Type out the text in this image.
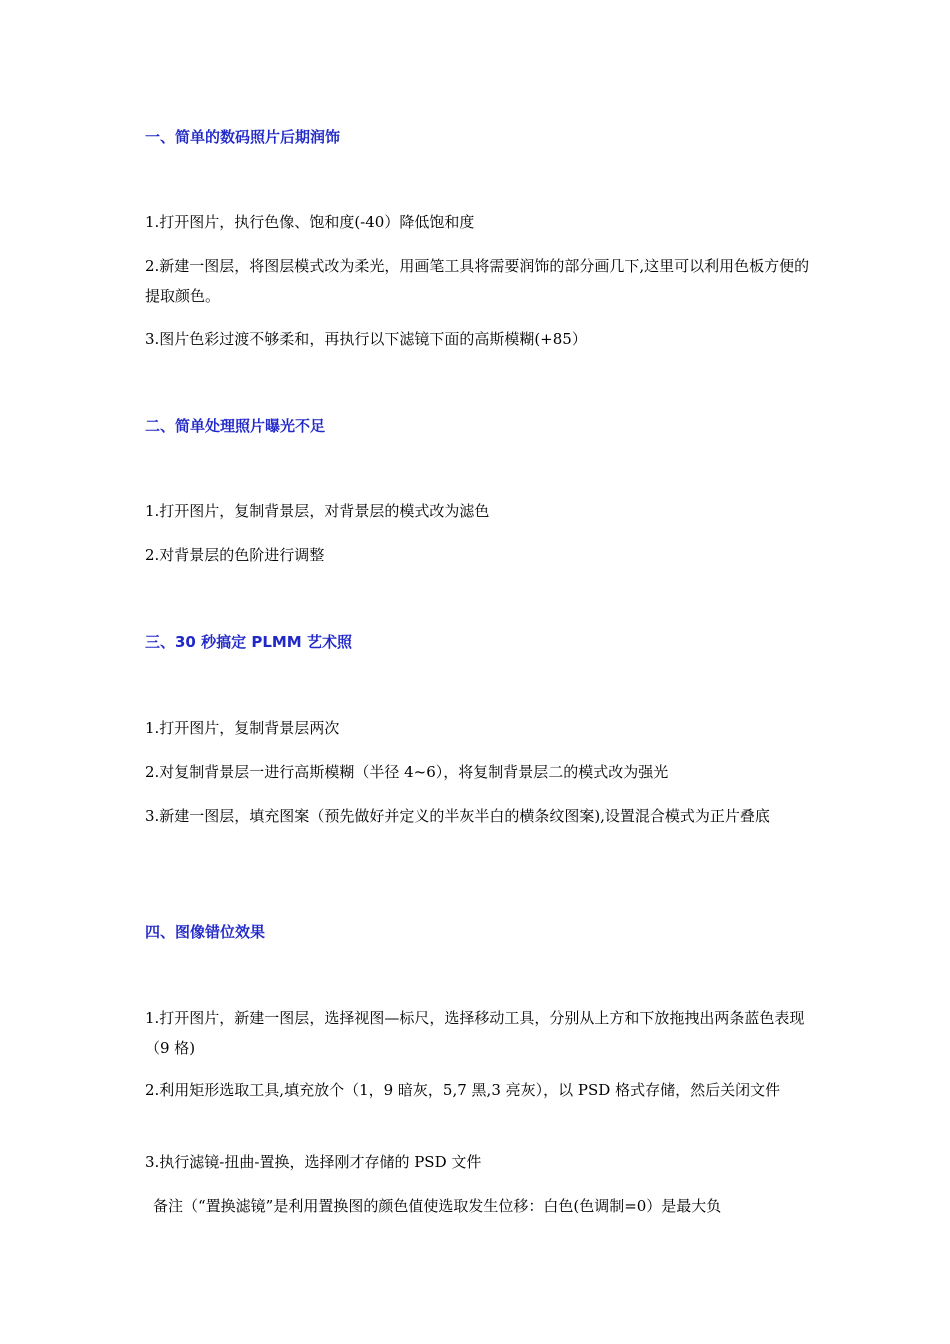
一、简单的数码照片后期润饰
1.打开图片，执行色像、饱和度(-40）降低饱和度
2.新建一图层，将图层模式改为柔光，用画笔工具将需要润饰的部分画几下,这里可以利用色板方便的提取颜色。
3.图片色彩过渡不够柔和，再执行以下滤镜下面的高斯模糊(+85）
二、简单处理照片曝光不足
1.打开图片，复制背景层，对背景层的模式改为滤色
2.对背景层的色阶进行调整
三、30 秒搞定 PLMM 艺术照
1.打开图片，复制背景层两次
2.对复制背景层一进行高斯模糊（半径 4~6），将复制背景层二的模式改为强光
3.新建一图层，填充图案（预先做好并定义的半灰半白的横条纹图案),设置混合模式为正片叠底
四、图像错位效果
1.打开图片，新建一图层，选择视图—标尺，选择移动工具，分别从上方和下放拖拽出两条蓝色表现（9 格)
2.利用矩形选取工具,填充放个（1，9 暗灰，5,7 黑,3 亮灰），以 PSD 格式存储，然后关闭文件
3.执行滤镜-扭曲-置换，选择刚才存储的 PSD 文件
备注（“置换滤镜”是利用置换图的颜色值使选取发生位移：白色(色调制=0）是最大负
